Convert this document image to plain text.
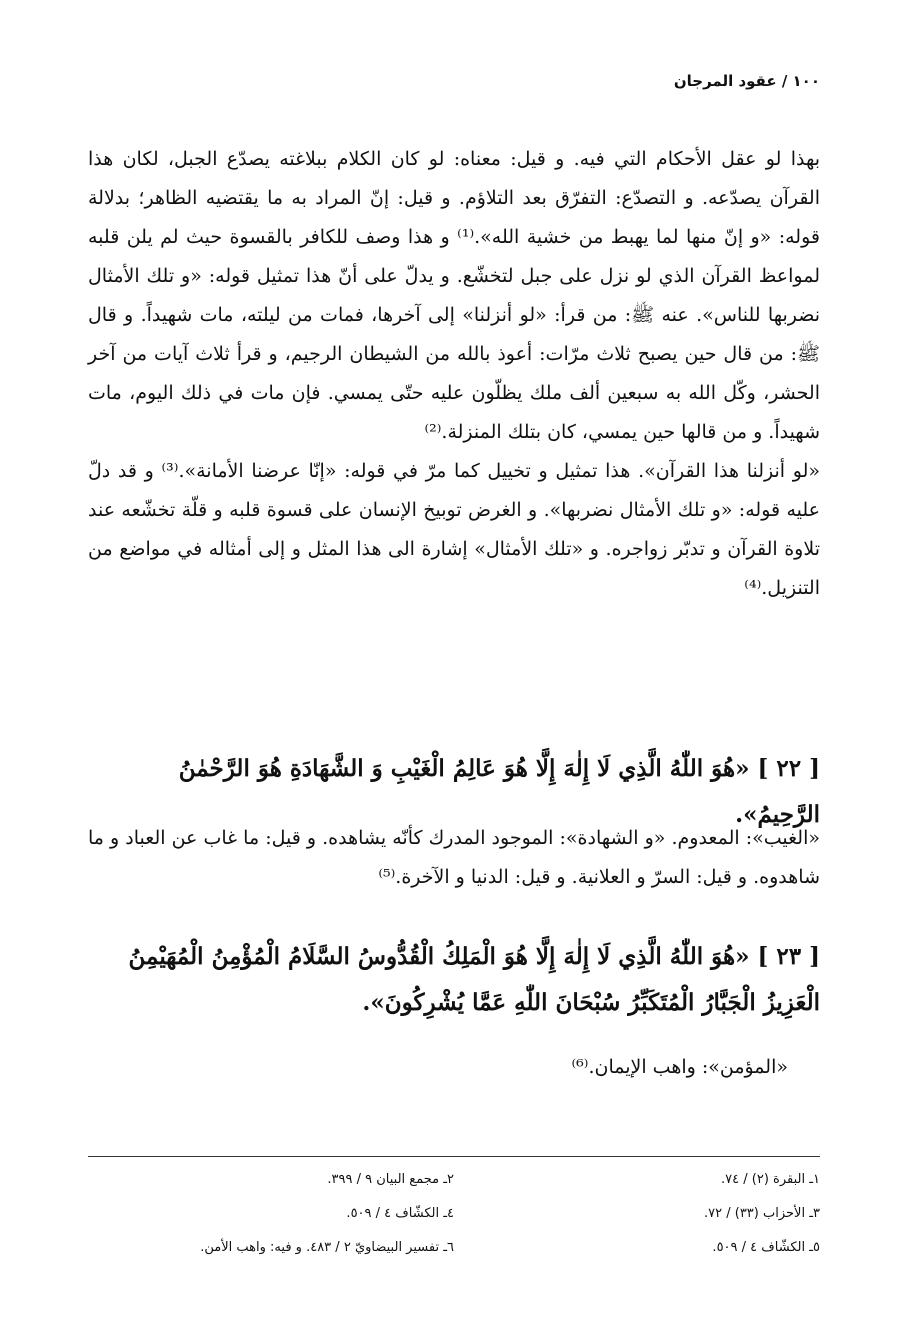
١٠٠ / عقود المرجان

بهذا لو عقل الأحكام التي فيه. و قيل: معناه: لو كان الكلام ببلاغته يصدّع الجبل، لكان هذا القرآن يصدّعه. و التصدّع: التفرّق بعد التلاؤم. و قيل: إنّ المراد به ما يقتضيه الظاهر؛ بدلالة قوله: «و إنّ منها لما يهبط من خشية الله».⁽¹⁾ و هذا وصف للكافر بالقسوة حيث لم يلن قلبه لمواعظ القرآن الذي لو نزل على جبل لتخشّع. و يدلّ على أنّ هذا تمثيل قوله: «و تلك الأمثال نضربها للناس». عنه ﷺ: من قرأ: «لو أنزلنا» إلى آخرها، فمات من ليلته، مات شهيداً. و قال ﷺ: من قال حين يصبح ثلاث مرّات: أعوذ بالله من الشيطان الرجيم، و قرأ ثلاث آيات من آخر الحشر، وكّل الله به سبعين ألف ملك يظلّون عليه حتّى يمسي. فإن مات في ذلك اليوم، مات شهيداً. و من قالها حين يمسي، كان بتلك المنزلة.⁽²⁾

«لو أنزلنا هذا القرآن». هذا تمثيل و تخييل كما مرّ في قوله: «إنّا عرضنا الأمانة».⁽³⁾ و قد دلّ عليه قوله: «و تلك الأمثال نضربها». و الغرض توبيخ الإنسان على قسوة قلبه و قلّة تخشّعه عند تلاوة القرآن و تدبّر زواجره. و «تلك الأمثال» إشارة الى هذا المثل و إلى أمثاله في مواضع من التنزيل.⁽⁴⁾

[ ٢٢ ] «هُوَ اللّٰهُ الَّذِي لَا إِلٰهَ إِلَّا هُوَ عَالِمُ الْغَيْبِ وَ الشَّهَادَةِ هُوَ الرَّحْمٰنُ الرَّحِيمُ».

«الغيب»: المعدوم. «و الشهادة»: الموجود المدرك كأنّه يشاهده. و قيل: ما غاب عن العباد و ما شاهدوه. و قيل: السرّ و العلانية. و قيل: الدنيا و الآخرة.⁽⁵⁾

[ ٢٣ ] «هُوَ اللّٰهُ الَّذِي لَا إِلٰهَ إِلَّا هُوَ الْمَلِكُ الْقُدُّوسُ السَّلَامُ الْمُؤْمِنُ الْمُهَيْمِنُ الْعَزِيزُ الْجَبَّارُ الْمُتَكَبِّرُ سُبْحَانَ اللّٰهِ عَمَّا يُشْرِكُونَ».

«المؤمن»: واهب الإيمان.⁽⁶⁾

١ـ البقرة (٢) / ٧٤.
٢ـ مجمع البيان ٩ / ٣٩٩.
٣ـ الأحزاب (٣٣) / ٧٢.
٤ـ الكشّاف ٤ / ٥٠٩.
٥ـ الكشّاف ٤ / ٥٠٩.
٦ـ تفسير البيضاويّ ٢ / ٤٨٣. و فيه: واهب الأمن.
